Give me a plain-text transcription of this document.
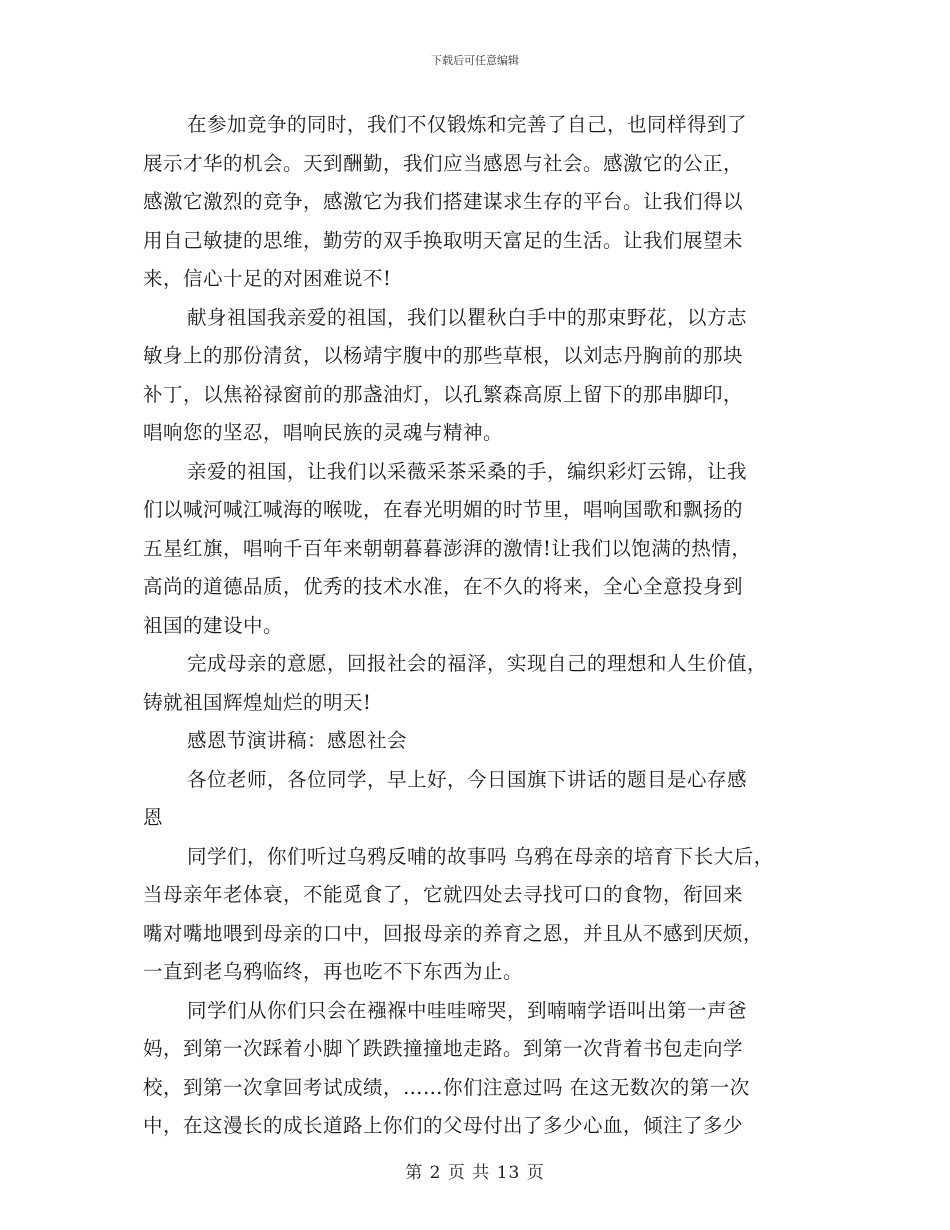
下载后可任意编辑
在参加竞争的同时，我们不仅锻炼和完善了自己，也同样得到了
展示才华的机会。天到酬勤，我们应当感恩与社会。感激它的公正，
感激它激烈的竞争，感激它为我们搭建谋求生存的平台。让我们得以
用自己敏捷的思维，勤劳的双手换取明天富足的生活。让我们展望未
来，信心十足的对困难说不!
献身祖国我亲爱的祖国，我们以瞿秋白手中的那束野花，以方志
敏身上的那份清贫，以杨靖宇腹中的那些草根，以刘志丹胸前的那块
补丁，以焦裕禄窗前的那盏油灯，以孔繁森高原上留下的那串脚印，
唱响您的坚忍，唱响民族的灵魂与精神。
亲爱的祖国，让我们以采薇采茶采桑的手，编织彩灯云锦，让我
们以喊河喊江喊海的喉咙，在春光明媚的时节里，唱响国歌和飘扬的
五星红旗，唱响千百年来朝朝暮暮澎湃的激情!让我们以饱满的热情，
高尚的道德品质，优秀的技术水准，在不久的将来，全心全意投身到
祖国的建设中。
完成母亲的意愿，回报社会的福泽，实现自己的理想和人生价值，
铸就祖国辉煌灿烂的明天!
感恩节演讲稿：感恩社会
各位老师，各位同学，早上好，今日国旗下讲话的题目是心存感
恩
同学们，你们听过乌鸦反哺的故事吗 乌鸦在母亲的培育下长大后，
当母亲年老体衰，不能觅食了，它就四处去寻找可口的食物，衔回来
嘴对嘴地喂到母亲的口中，回报母亲的养育之恩，并且从不感到厌烦，
一直到老乌鸦临终，再也吃不下东西为止。
同学们从你们只会在襁褓中哇哇啼哭，到喃喃学语叫出第一声爸
妈，到第一次踩着小脚丫跌跌撞撞地走路。到第一次背着书包走向学
校，到第一次拿回考试成绩，……你们注意过吗 在这无数次的第一次
中，在这漫长的成长道路上你们的父母付出了多少心血，倾注了多少
第 2 页 共 13 页
